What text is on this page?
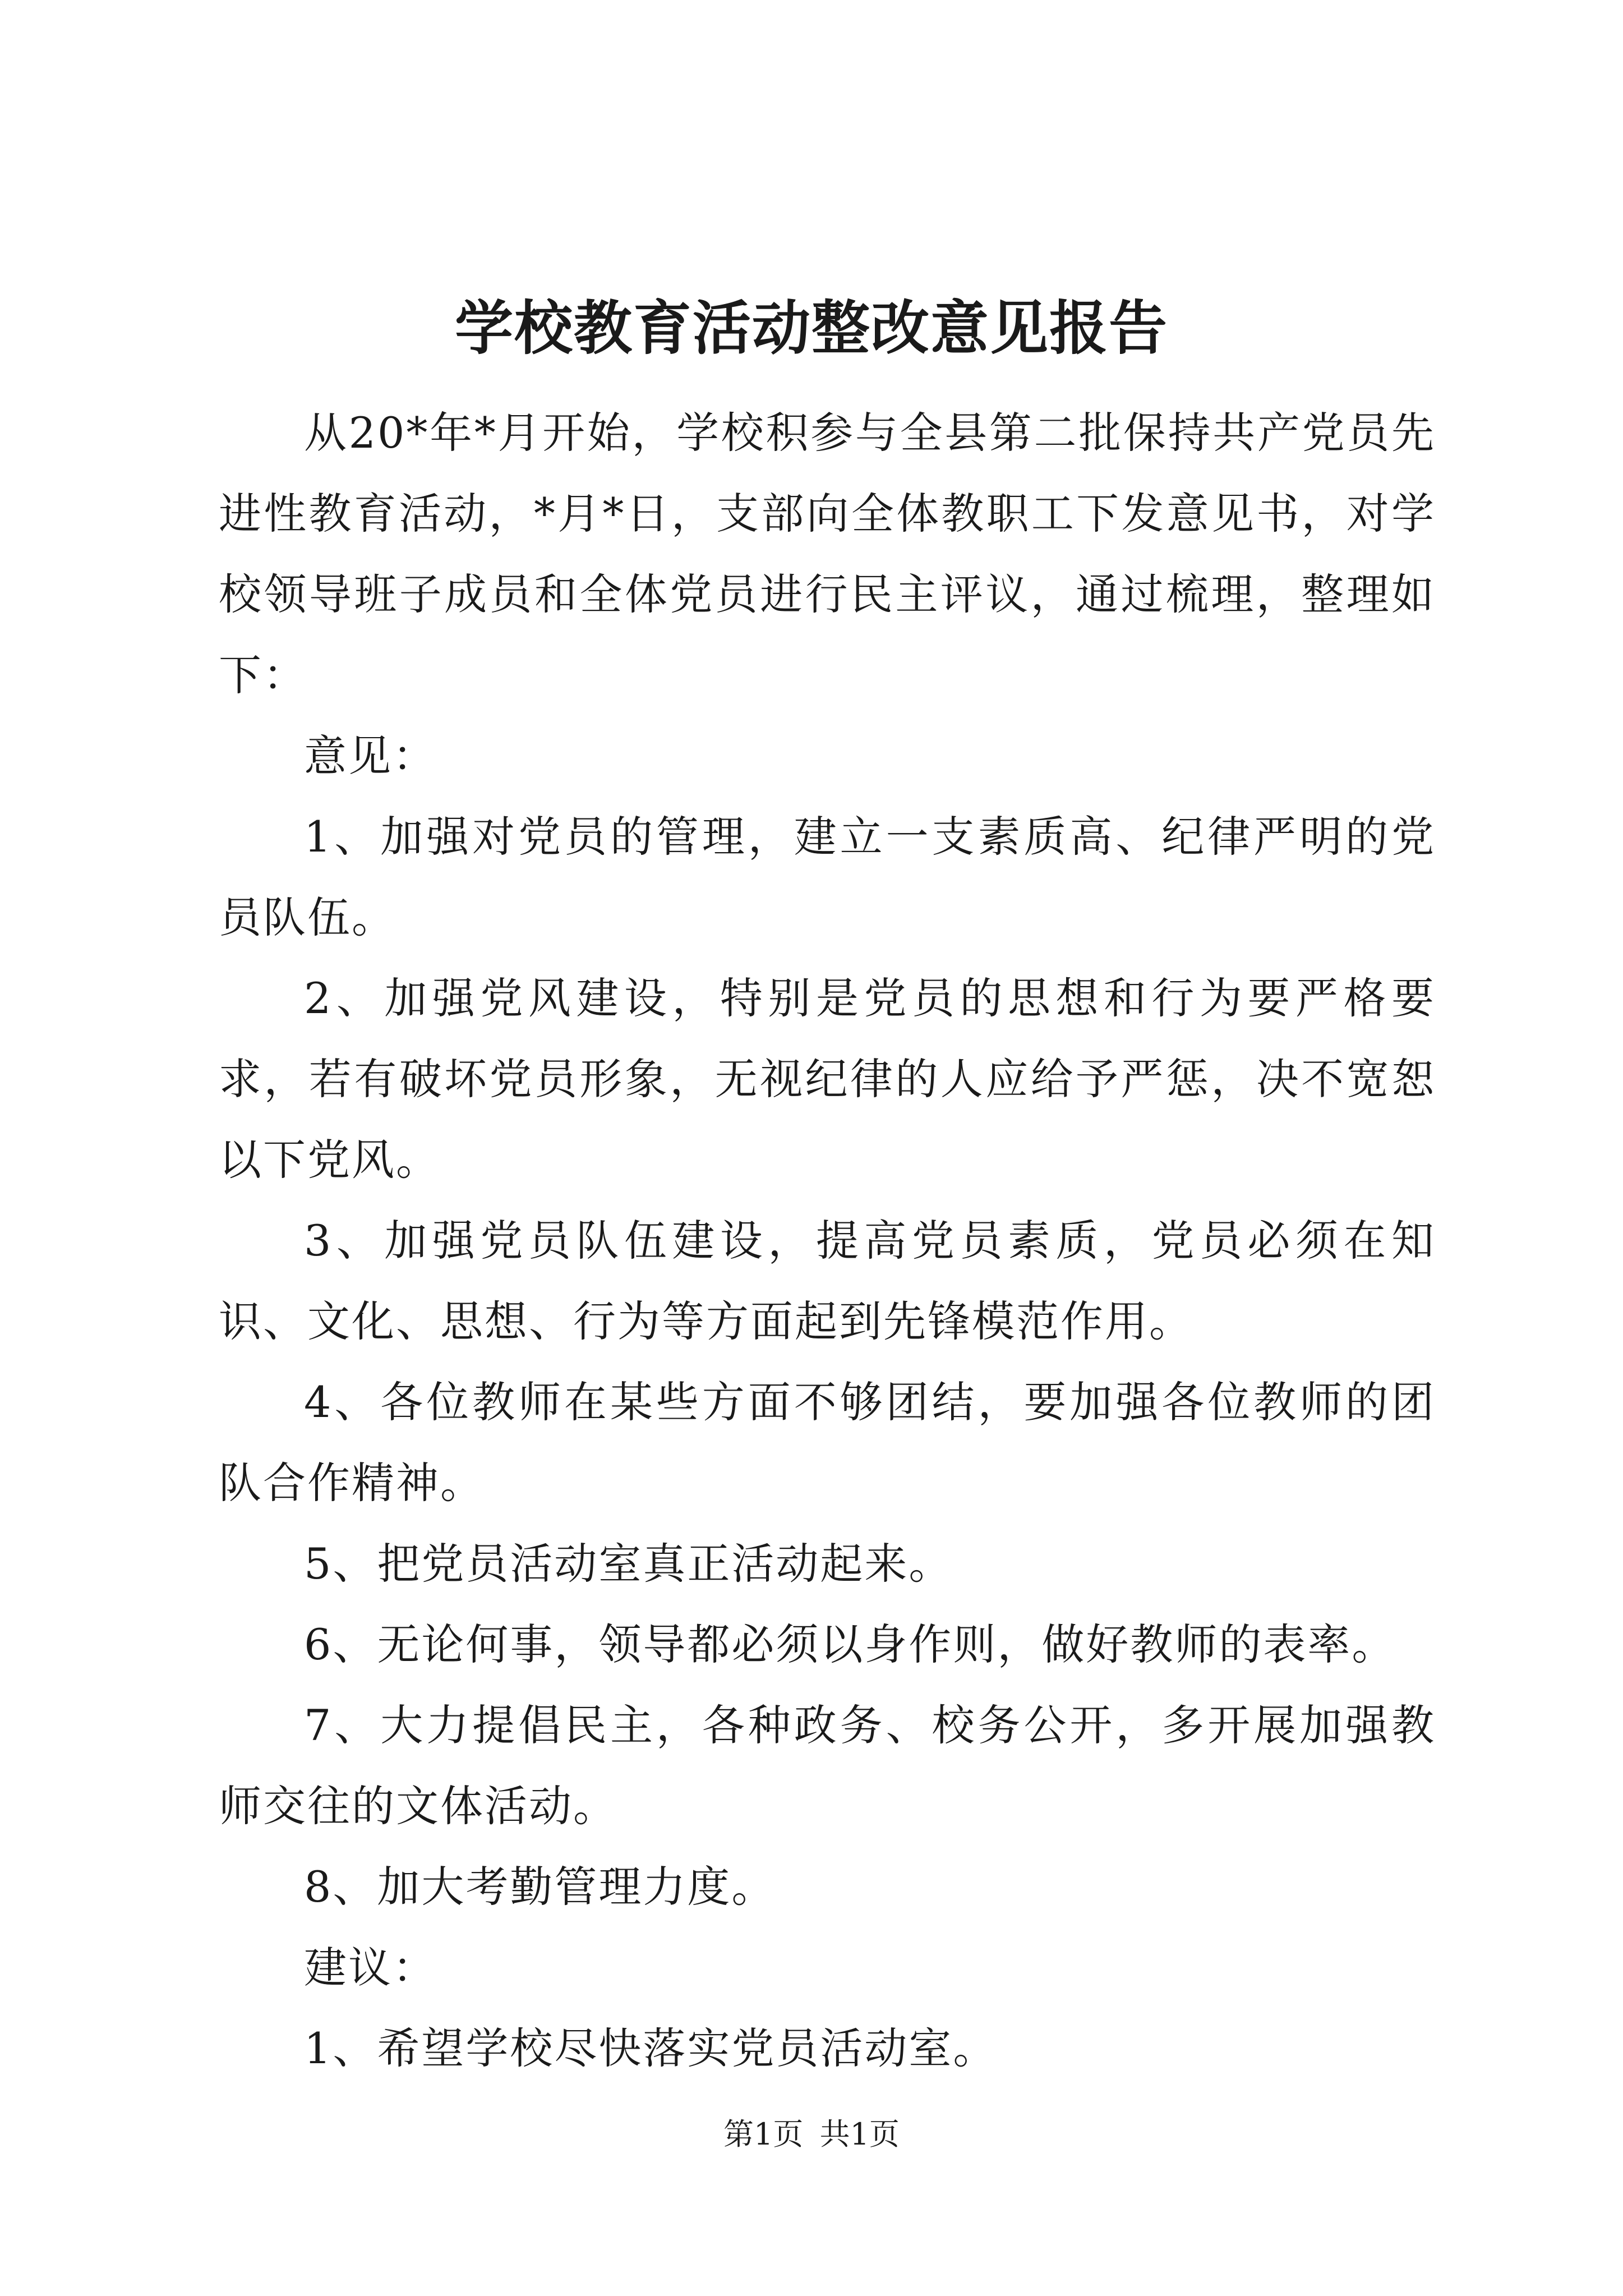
学校教育活动整改意见报告

从20*年*月开始，学校积参与全县第二批保持共产党员先进性教育活动，*月*日，支部向全体教职工下发意见书，对学校领导班子成员和全体党员进行民主评议，通过梳理，整理如下：

意见：

1、加强对党员的管理，建立一支素质高、纪律严明的党员队伍。

2、加强党风建设，特别是党员的思想和行为要严格要求，若有破坏党员形象，无视纪律的人应给予严惩，决不宽恕以下党风。

3、加强党员队伍建设，提高党员素质，党员必须在知识、文化、思想、行为等方面起到先锋模范作用。

4、各位教师在某些方面不够团结，要加强各位教师的团队合作精神。

5、把党员活动室真正活动起来。

6、无论何事，领导都必须以身作则，做好教师的表率。

7、大力提倡民主，各种政务、校务公开，多开展加强教师交往的文体活动。

8、加大考勤管理力度。

建议：

1、希望学校尽快落实党员活动室。

第1页 共1页
